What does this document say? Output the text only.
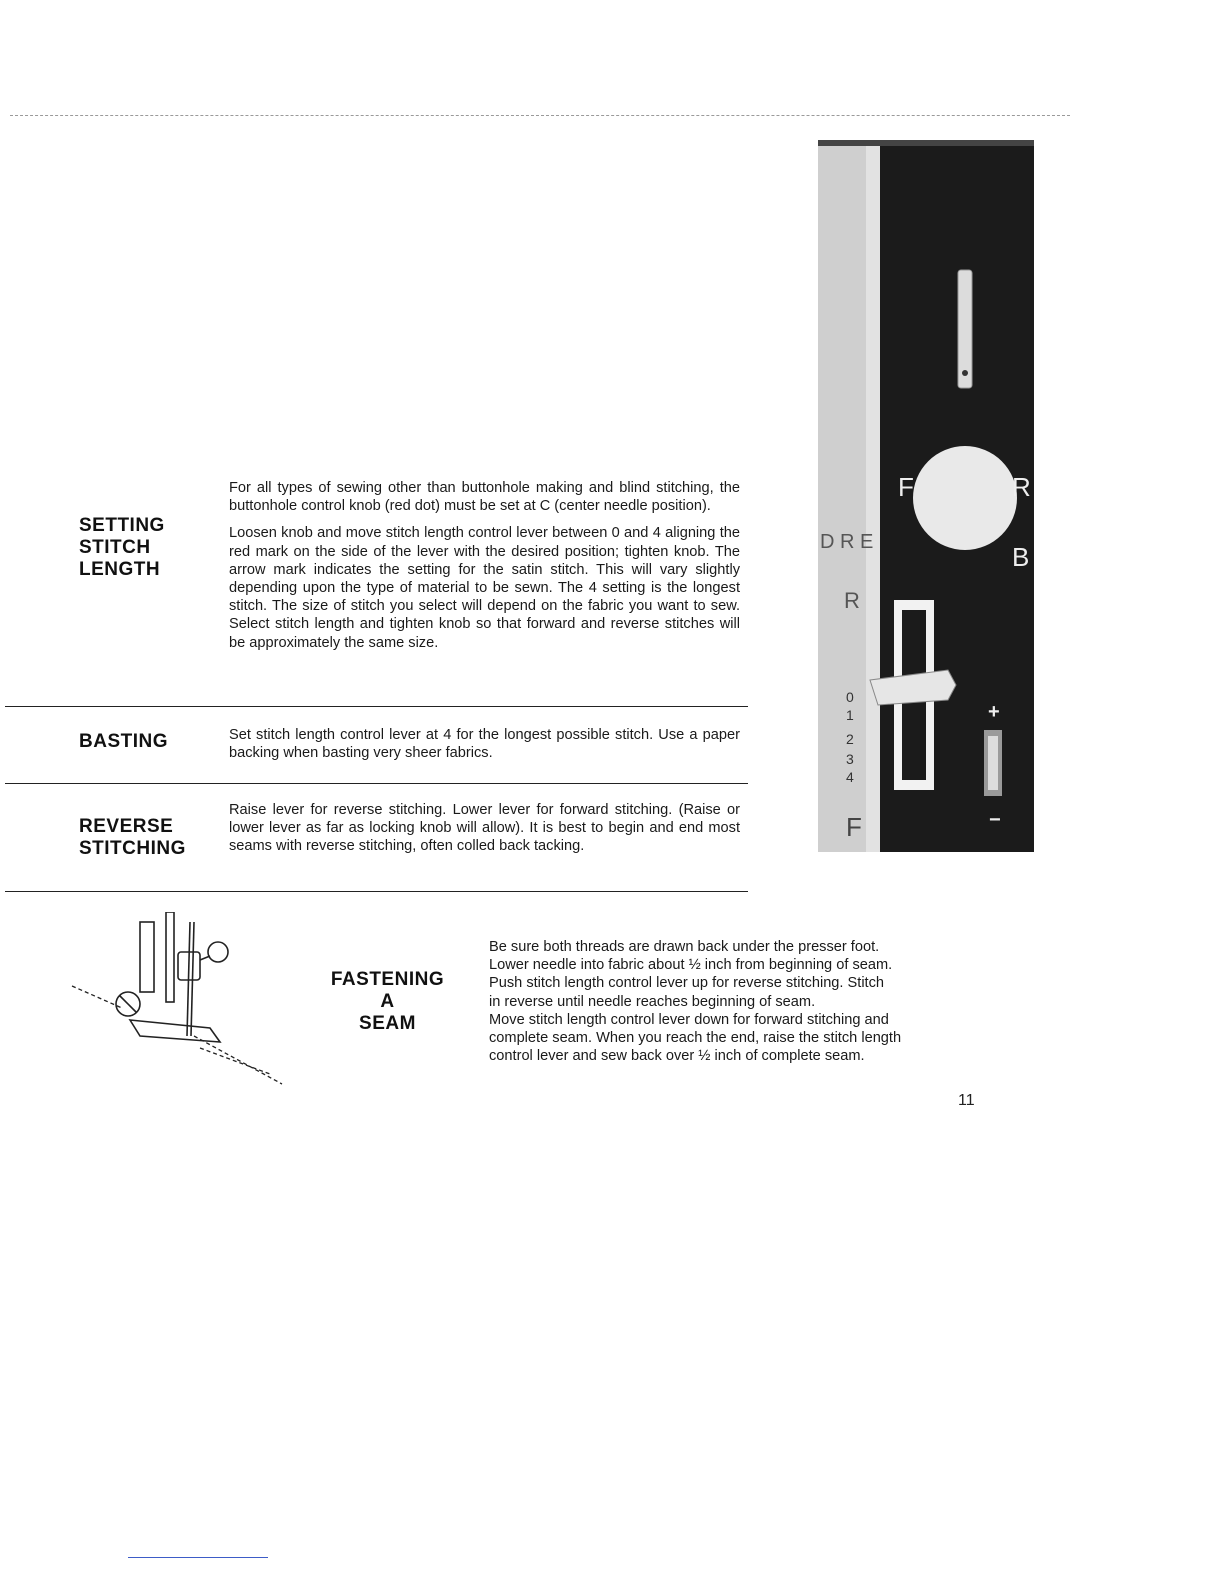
SETTING
STITCH
LENGTH

For all types of sewing other than buttonhole making and blind stitching, the buttonhole control knob (red dot) must be set at C (center needle position).

Loosen knob and move stitch length control lever between 0 and 4 aligning the red mark on the side of the lever with the desired position; tighten knob. The arrow mark indicates the setting for the satin stitch. This will vary slightly depending upon the type of material to be sewn. The 4 setting is the longest stitch. The size of stitch you select will depend on the fabric you want to sew. Select stitch length and tighten knob so that forward and reverse stitches will be approximately the same size.

BASTING	Set stitch length control lever at 4 for the longest possible stitch. Use a paper backing when basting very sheer fabrics.

REVERSE
STITCHING

Raise lever for reverse stitching. Lower lever for forward stitching. (Raise or lower lever as far as locking knob will allow). It is best to begin and end most seams with reverse stitching, often colled back tacking.

F	R
B
D R E
R
F
0
1
2
3
4
+
−
FASTENING
A
SEAM
Be sure both threads are drawn back under the presser foot.
Lower needle into fabric about ½ inch from beginning of seam.
Push stitch length control lever up for reverse stitching. Stitch
in reverse until needle reaches beginning of seam.
Move stitch length control lever down for forward stitching and
complete seam. When you reach the end, raise the stitch length
control lever and sew back over ½ inch of complete seam.
11
